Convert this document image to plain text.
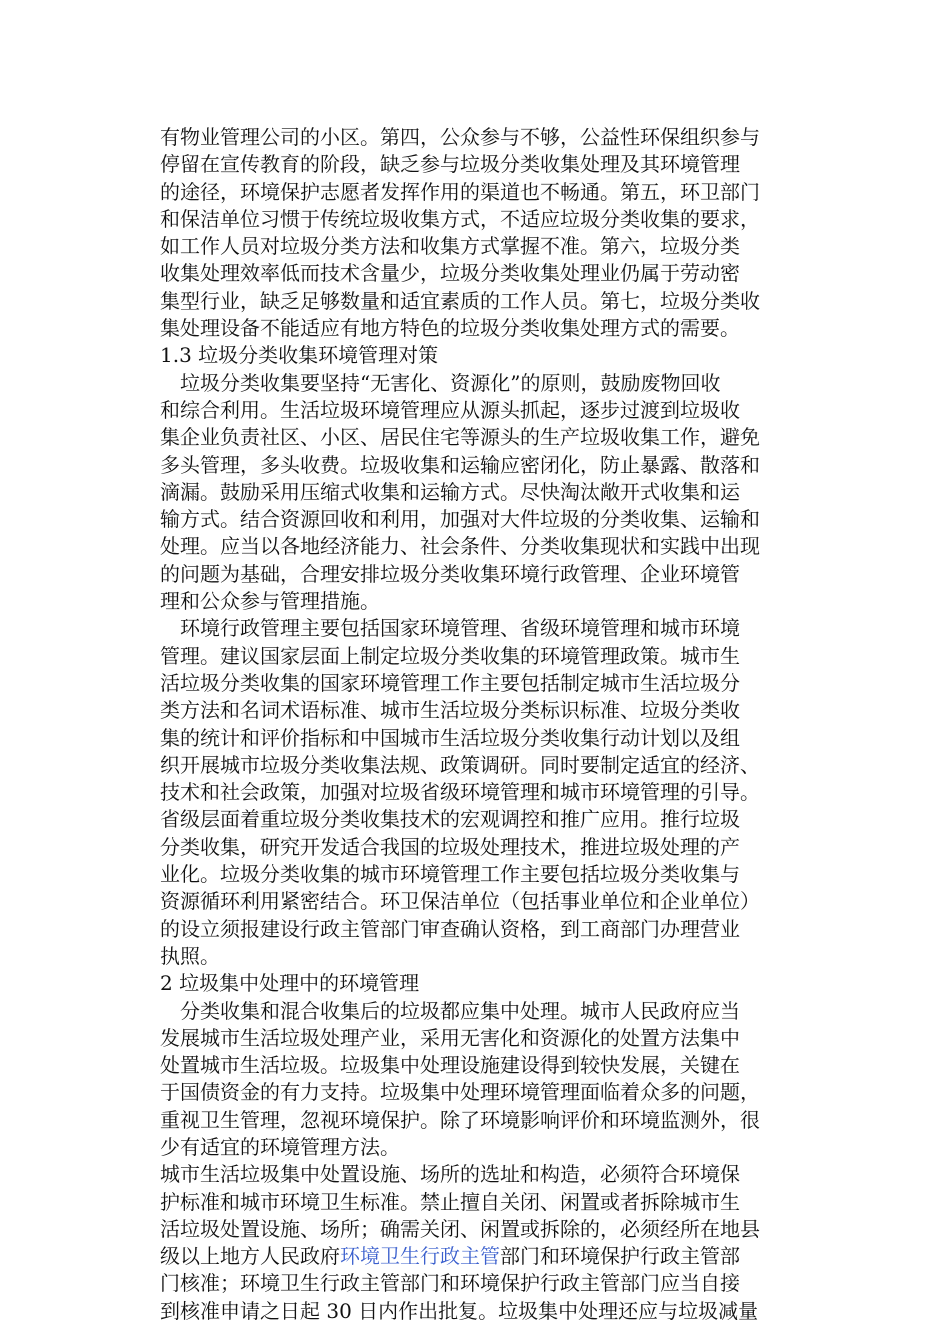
有物业管理公司的小区。第四，公众参与不够，公益性环保组织参与
停留在宣传教育的阶段，缺乏参与垃圾分类收集处理及其环境管理
的途径，环境保护志愿者发挥作用的渠道也不畅通。第五，环卫部门
和保洁单位习惯于传统垃圾收集方式，不适应垃圾分类收集的要求，
如工作人员对垃圾分类方法和收集方式掌握不准。第六，垃圾分类
收集处理效率低而技术含量少，垃圾分类收集处理业仍属于劳动密
集型行业，缺乏足够数量和适宜素质的工作人员。第七，垃圾分类收
集处理设备不能适应有地方特色的垃圾分类收集处理方式的需要。
1.3 垃圾分类收集环境管理对策
　垃圾分类收集要坚持“无害化、资源化”的原则，鼓励废物回收
和综合利用。生活垃圾环境管理应从源头抓起，逐步过渡到垃圾收
集企业负责社区、小区、居民住宅等源头的生产垃圾收集工作，避免
多头管理，多头收费。垃圾收集和运输应密闭化，防止暴露、散落和
滴漏。鼓励采用压缩式收集和运输方式。尽快淘汰敞开式收集和运
输方式。结合资源回收和利用，加强对大件垃圾的分类收集、运输和
处理。应当以各地经济能力、社会条件、分类收集现状和实践中出现
的问题为基础，合理安排垃圾分类收集环境行政管理、企业环境管
理和公众参与管理措施。
　环境行政管理主要包括国家环境管理、省级环境管理和城市环境
管理。建议国家层面上制定垃圾分类收集的环境管理政策。城市生
活垃圾分类收集的国家环境管理工作主要包括制定城市生活垃圾分
类方法和名词术语标准、城市生活垃圾分类标识标准、垃圾分类收
集的统计和评价指标和中国城市生活垃圾分类收集行动计划以及组
织开展城市垃圾分类收集法规、政策调研。同时要制定适宜的经济、
技术和社会政策，加强对垃圾省级环境管理和城市环境管理的引导。
省级层面着重垃圾分类收集技术的宏观调控和推广应用。推行垃圾
分类收集，研究开发适合我国的垃圾处理技术，推进垃圾处理的产
业化。垃圾分类收集的城市环境管理工作主要包括垃圾分类收集与
资源循环利用紧密结合。环卫保洁单位（包括事业单位和企业单位）
的设立须报建设行政主管部门审查确认资格，到工商部门办理营业
执照。
2 垃圾集中处理中的环境管理
　分类收集和混合收集后的垃圾都应集中处理。城市人民政府应当
发展城市生活垃圾处理产业，采用无害化和资源化的处置方法集中
处置城市生活垃圾。垃圾集中处理设施建设得到较快发展，关键在
于国债资金的有力支持。垃圾集中处理环境管理面临着众多的问题，
重视卫生管理，忽视环境保护。除了环境影响评价和环境监测外，很
少有适宜的环境管理方法。
城市生活垃圾集中处置设施、场所的选址和构造，必须符合环境保
护标准和城市环境卫生标准。禁止擅自关闭、闲置或者拆除城市生
活垃圾处置设施、场所；确需关闭、闲置或拆除的，必须经所在地县
级以上地方人民政府环境卫生行政主管部门和环境保护行政主管部
门核准；环境卫生行政主管部门和环境保护行政主管部门应当自接
到核准申请之日起 30 日内作出批复。垃圾集中处理还应与垃圾减量
